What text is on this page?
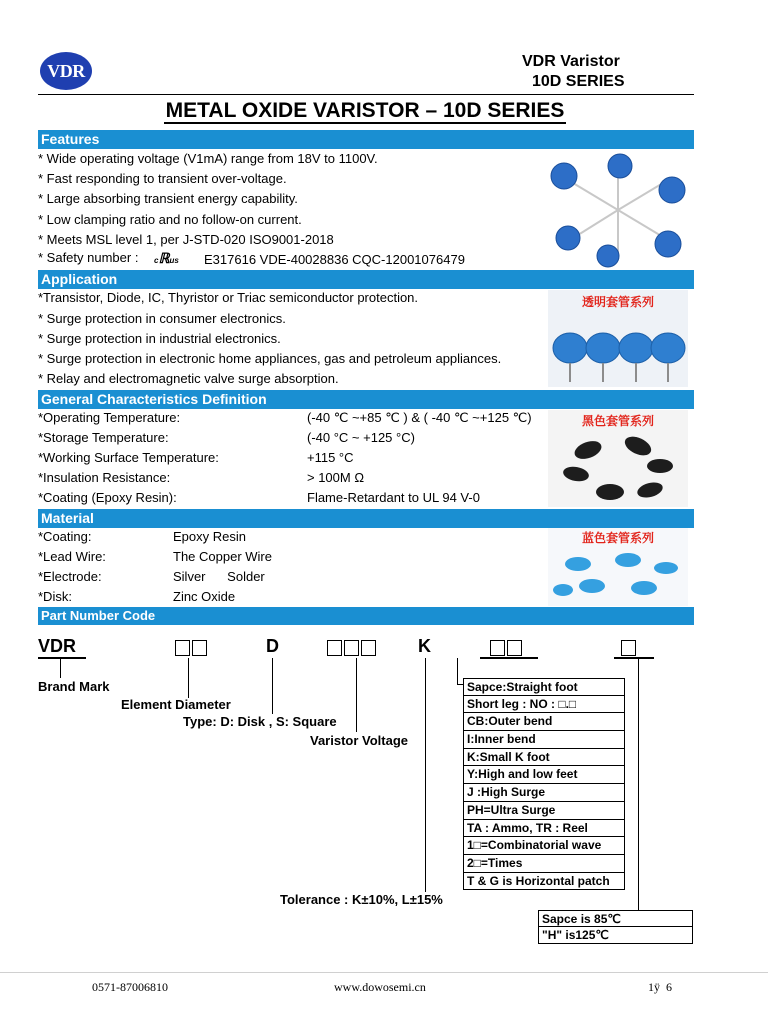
VDR	VDR Varistor
10D SERIES
METAL OXIDE VARISTOR – 10D SERIES
Features
* Wide operating voltage (V1mA) range from 18V to 1100V.
* Fast responding to transient over-voltage.
* Large absorbing transient energy capability.
* Low clamping ratio and no follow-on current.
* Meets MSL level 1, per J-STD-020 ISO9001-2018
* Safety number : cℝus E317616 VDE-40028836 CQC-12001076479
Application
*Transistor, Diode, IC, Thyristor or Triac semiconductor protection.
* Surge protection in consumer electronics.
* Surge protection in industrial electronics.
* Surge protection in electronic home appliances, gas and petroleum appliances.
* Relay and electromagnetic valve surge absorption.
透明套管系列
General Characteristics Definition
*Operating Temperature:	(-40 ℃ ~+85 ℃ ) & ( -40 ℃ ~+125 ℃)
*Storage Temperature:	(-40 °C ~ +125 °C)
*Working Surface Temperature:	+115 °C
*Insulation Resistance:	> 100M Ω
*Coating (Epoxy Resin):	Flame-Retardant to UL 94 V-0
黑色套管系列
Material
*Coating:	Epoxy Resin
*Lead Wire:	The Copper Wire
*Electrode:	Silver      Solder
*Disk:	Zinc Oxide
蓝色套管系列
Part Number Code
VDR	D	K
Brand Mark
Element Diameter
Type: D: Disk , S: Square
Varistor Voltage
Tolerance : K±10%, L±15%
Sapce:Straight foot
Short leg : NO : □.□
CB:Outer bend
I:Inner bend
K:Small K foot
Y:High and low feet
J :High Surge
PH=Ultra Surge
TA : Ammo, TR : Reel
1□=Combinatorial wave
2□=Times
T & G is Horizontal patch
Sapce is 85℃
"H" is125℃
0571-87006810	www.dowosemi.cn	1ÿ  6
